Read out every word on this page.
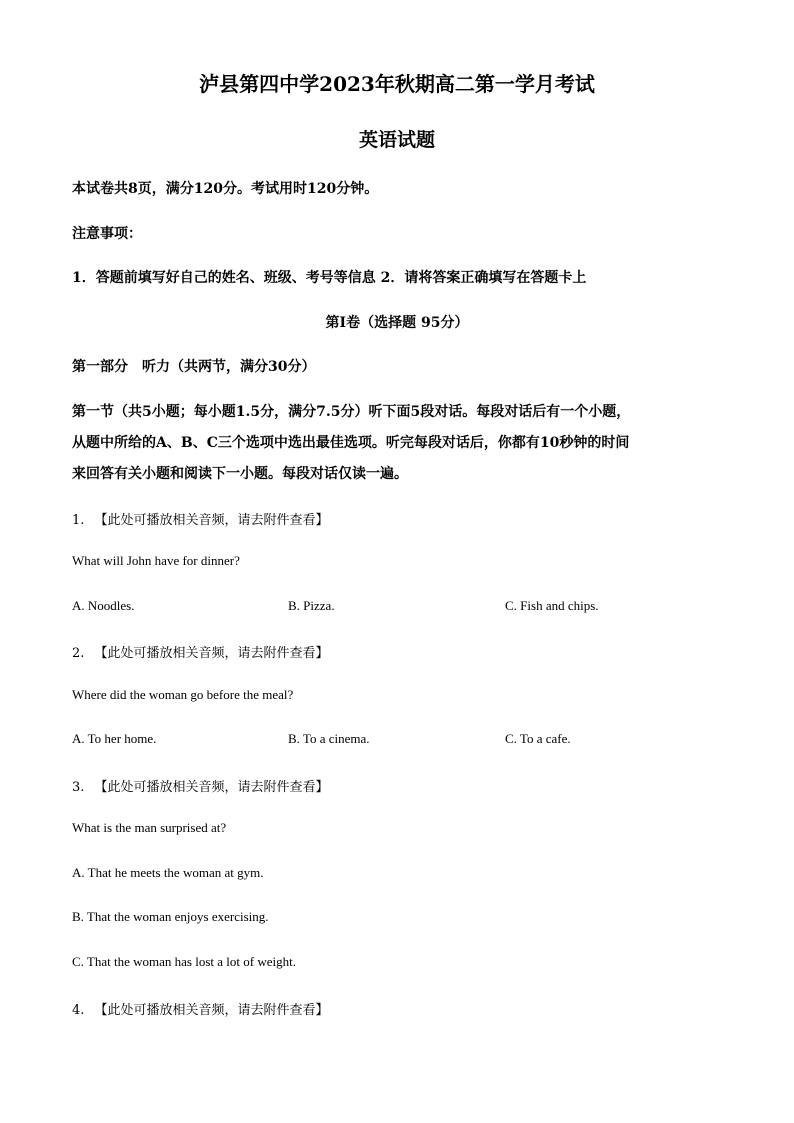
泸县第四中学2023年秋期高二第一学月考试
英语试题
本试卷共8页，满分120分。考试用时120分钟。
注意事项：
1．答题前填写好自己的姓名、班级、考号等信息 2．请将答案正确填写在答题卡上
第I卷（选择题 95分）
第一部分　听力（共两节，满分30分）
第一节（共5小题；每小题1.5分，满分7.5分）听下面5段对话。每段对话后有一个小题，
从题中所给的A、B、C三个选项中选出最佳选项。听完每段对话后，你都有10秒钟的时间
来回答有关小题和阅读下一小题。每段对话仅读一遍。
1. 【此处可播放相关音频，请去附件查看】
What will John have for dinner?
A. Noodles.	B. Pizza.	C. Fish and chips.
2. 【此处可播放相关音频，请去附件查看】
Where did the woman go before the meal?
A. To her home.	B. To a cinema.	C. To a cafe.
3. 【此处可播放相关音频，请去附件查看】
What is the man surprised at?
A. That he meets the woman at gym.
B. That the woman enjoys exercising.
C. That the woman has lost a lot of weight.
4. 【此处可播放相关音频，请去附件查看】
